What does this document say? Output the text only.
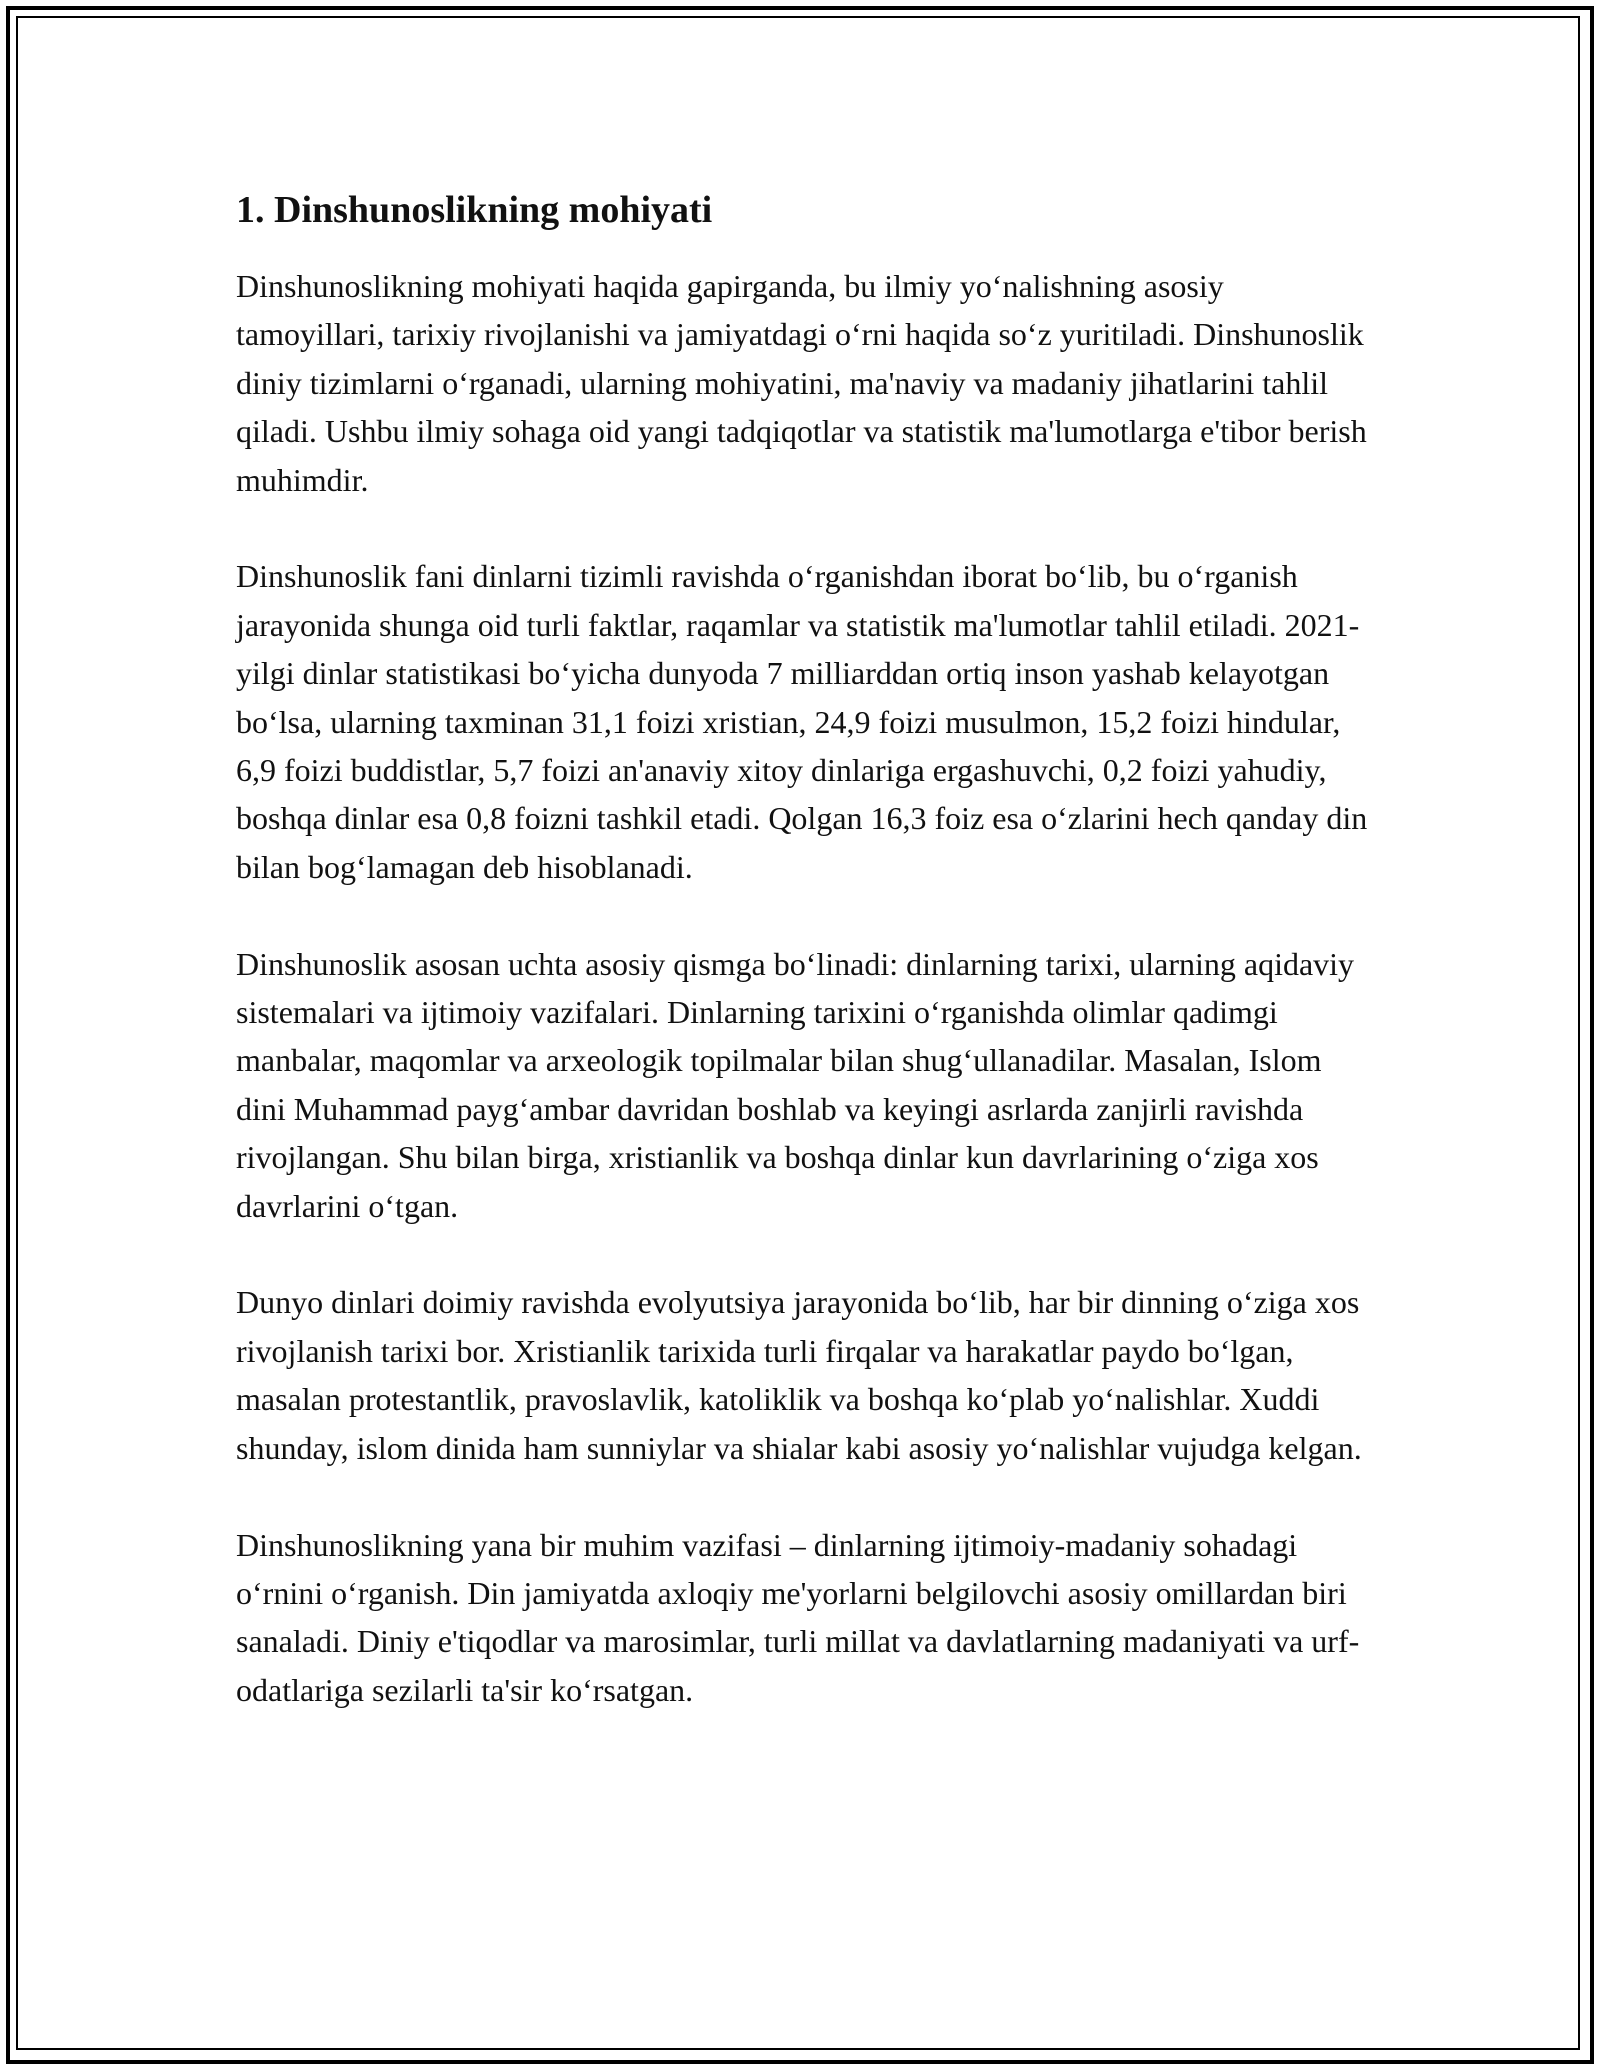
1. Dinshunoslikning mohiyati

Dinshunoslikning mohiyati haqida gapirganda, bu ilmiy yo‘nalishning asosiy tamoyillari, tarixiy rivojlanishi va jamiyatdagi o‘rni haqida so‘z yuritiladi. Dinshunoslik diniy tizimlarni o‘rganadi, ularning mohiyatini, ma'naviy va madaniy jihatlarini tahlil qiladi. Ushbu ilmiy sohaga oid yangi tadqiqotlar va statistik ma'lumotlarga e'tibor berish muhimdir.

Dinshunoslik fani dinlarni tizimli ravishda o‘rganishdan iborat bo‘lib, bu o‘rganish jarayonida shunga oid turli faktlar, raqamlar va statistik ma'lumotlar tahlil etiladi. 2021-yilgi dinlar statistikasi bo‘yicha dunyoda 7 milliarddan ortiq inson yashab kelayotgan bo‘lsa, ularning taxminan 31,1 foizi xristian, 24,9 foizi musulmon, 15,2 foizi hindular, 6,9 foizi buddistlar, 5,7 foizi an'anaviy xitoy dinlariga ergashuvchi, 0,2 foizi yahudiy, boshqa dinlar esa 0,8 foizni tashkil etadi. Qolgan 16,3 foiz esa o‘zlarini hech qanday din bilan bog‘lamagan deb hisoblanadi.

Dinshunoslik asosan uchta asosiy qismga bo‘linadi: dinlarning tarixi, ularning aqidaviy sistemalari va ijtimoiy vazifalari. Dinlarning tarixini o‘rganishda olimlar qadimgi manbalar, maqomlar va arxeologik topilmalar bilan shug‘ullanadilar. Masalan, Islom dini Muhammad payg‘ambar davridan boshlab va keyingi asrlarda zanjirli ravishda rivojlangan. Shu bilan birga, xristianlik va boshqa dinlar kun davrlarining o‘ziga xos davrlarini o‘tgan.

Dunyo dinlari doimiy ravishda evolyutsiya jarayonida bo‘lib, har bir dinning o‘ziga xos rivojlanish tarixi bor. Xristianlik tarixida turli firqalar va harakatlar paydo bo‘lgan, masalan protestantlik, pravoslavlik, katoliklik va boshqa ko‘plab yo‘nalishlar. Xuddi shunday, islom dinida ham sunniylar va shialar kabi asosiy yo‘nalishlar vujudga kelgan.

Dinshunoslikning yana bir muhim vazifasi – dinlarning ijtimoiy-madaniy sohadagi o‘rnini o‘rganish. Din jamiyatda axloqiy me'yorlarni belgilovchi asosiy omillardan biri sanaladi. Diniy e'tiqodlar va marosimlar, turli millat va davlatlarning madaniyati va urf-odatlariga sezilarli ta'sir ko‘rsatgan.
